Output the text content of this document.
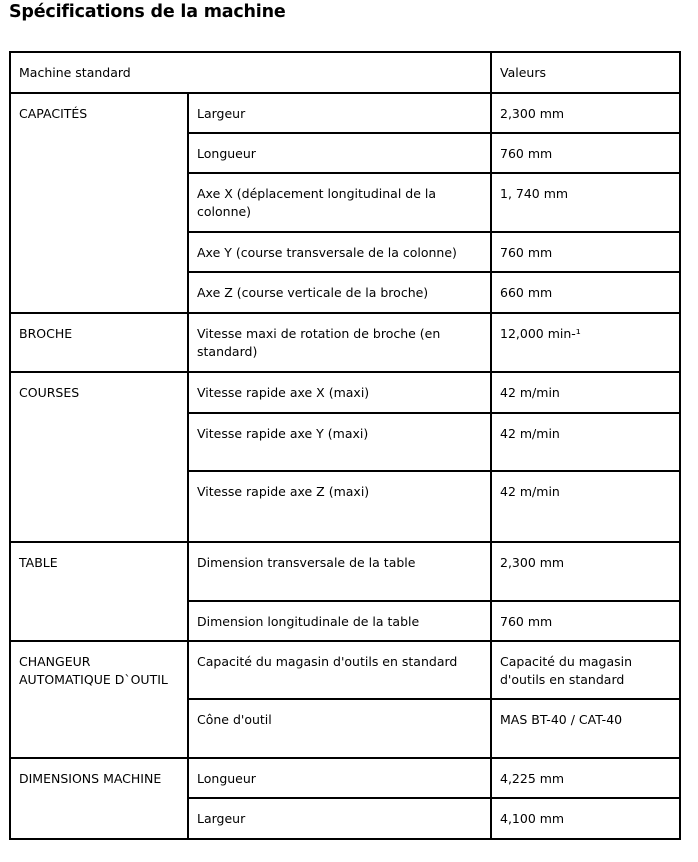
Spécifications de la machine
Machine standard		Valeurs
CAPACITÉS	Largeur	2,300 mm
	Longueur	760 mm
	Axe X (déplacement longitudinal de la colonne)	1, 740 mm
	Axe Y (course transversale de la colonne)	760 mm
	Axe Z (course verticale de la broche)	660 mm
BROCHE	Vitesse maxi de rotation de broche (en standard)	12,000 min-¹
COURSES	Vitesse rapide axe X (maxi)	42 m/min
	Vitesse rapide axe Y (maxi)	42 m/min
	Vitesse rapide axe Z (maxi)	42 m/min
TABLE	Dimension transversale de la table	2,300 mm
	Dimension longitudinale de la table	760 mm
CHANGEUR AUTOMATIQUE D`OUTIL	Capacité du magasin d'outils en standard	Capacité du magasin d'outils en standard
	Cône d'outil	MAS BT-40 / CAT-40
DIMENSIONS MACHINE	Longueur	4,225 mm
	Largeur	4,100 mm
